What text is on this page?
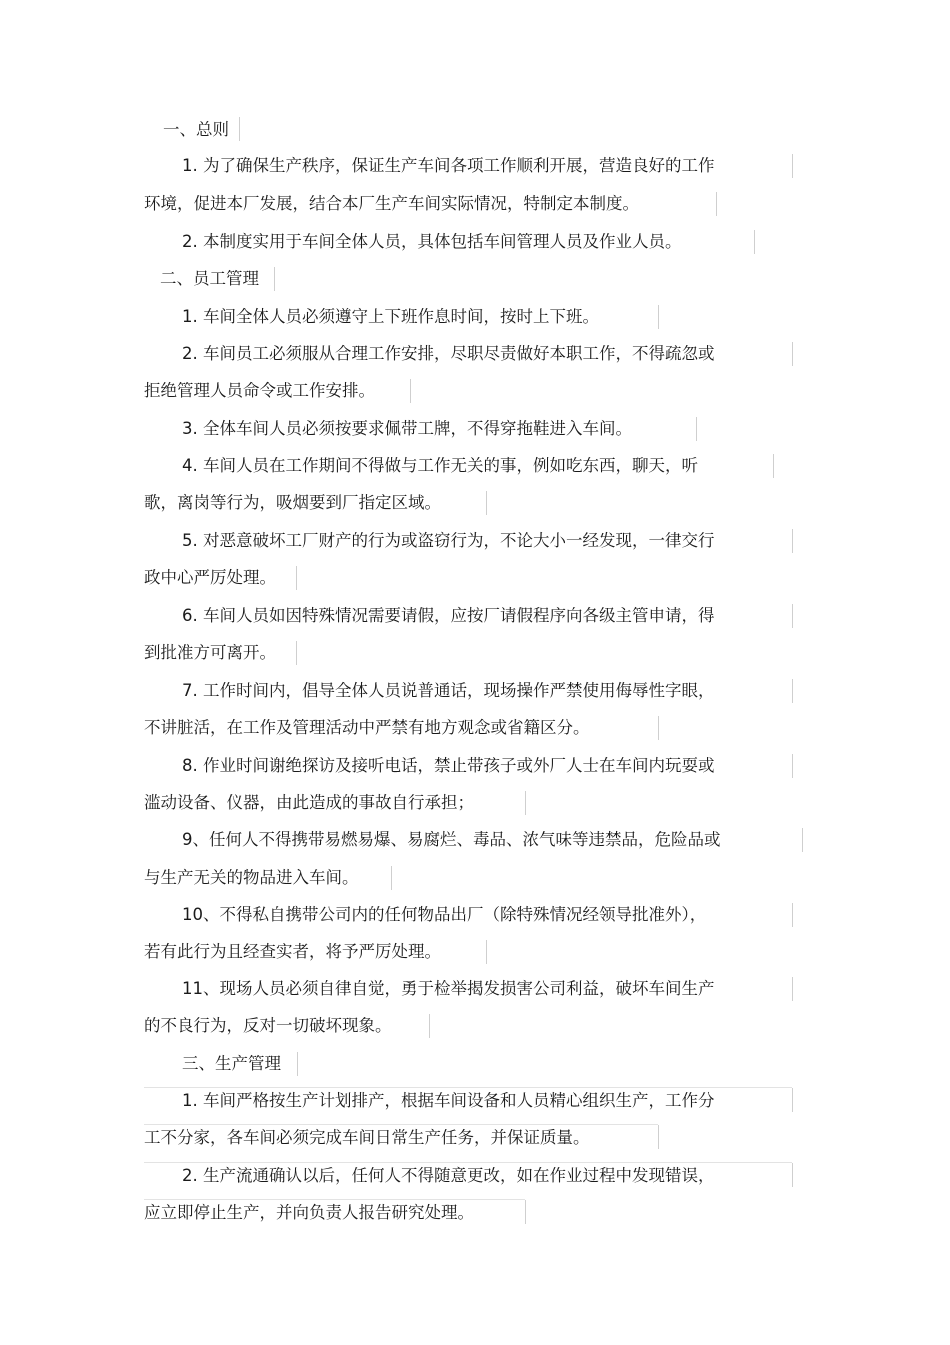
一、总则
1. 为了确保生产秩序，保证生产车间各项工作顺利开展，营造良好的工作
环境，促进本厂发展，结合本厂生产车间实际情况，特制定本制度。
2. 本制度实用于车间全体人员，具体包括车间管理人员及作业人员。
二、员工管理
1. 车间全体人员必须遵守上下班作息时间，按时上下班。
2. 车间员工必须服从合理工作安排，尽职尽责做好本职工作，不得疏忽或
拒绝管理人员命令或工作安排。
3. 全体车间人员必须按要求佩带工牌，不得穿拖鞋进入车间。
4. 车间人员在工作期间不得做与工作无关的事，例如吃东西，聊天，听
歌，离岗等行为，吸烟要到厂指定区域。
5. 对恶意破坏工厂财产的行为或盗窃行为，不论大小一经发现，一律交行
政中心严厉处理。
6. 车间人员如因特殊情况需要请假，应按厂请假程序向各级主管申请，得
到批准方可离开。
7. 工作时间内，倡导全体人员说普通话，现场操作严禁使用侮辱性字眼，
不讲脏活，在工作及管理活动中严禁有地方观念或省籍区分。
8. 作业时间谢绝探访及接听电话，禁止带孩子或外厂人士在车间内玩耍或
滥动设备、仪器，由此造成的事故自行承担；
9、任何人不得携带易燃易爆、易腐烂、毒品、浓气味等违禁品，危险品或
与生产无关的物品进入车间。
10、不得私自携带公司内的任何物品出厂（除特殊情况经领导批准外），
若有此行为且经查实者，将予严厉处理。
11、现场人员必须自律自觉，勇于检举揭发损害公司利益，破坏车间生产
的不良行为，反对一切破坏现象。
三、生产管理
1. 车间严格按生产计划排产，根据车间设备和人员精心组织生产，工作分
工不分家，各车间必须完成车间日常生产任务，并保证质量。
2. 生产流通确认以后，任何人不得随意更改，如在作业过程中发现错误，
应立即停止生产，并向负责人报告研究处理。
